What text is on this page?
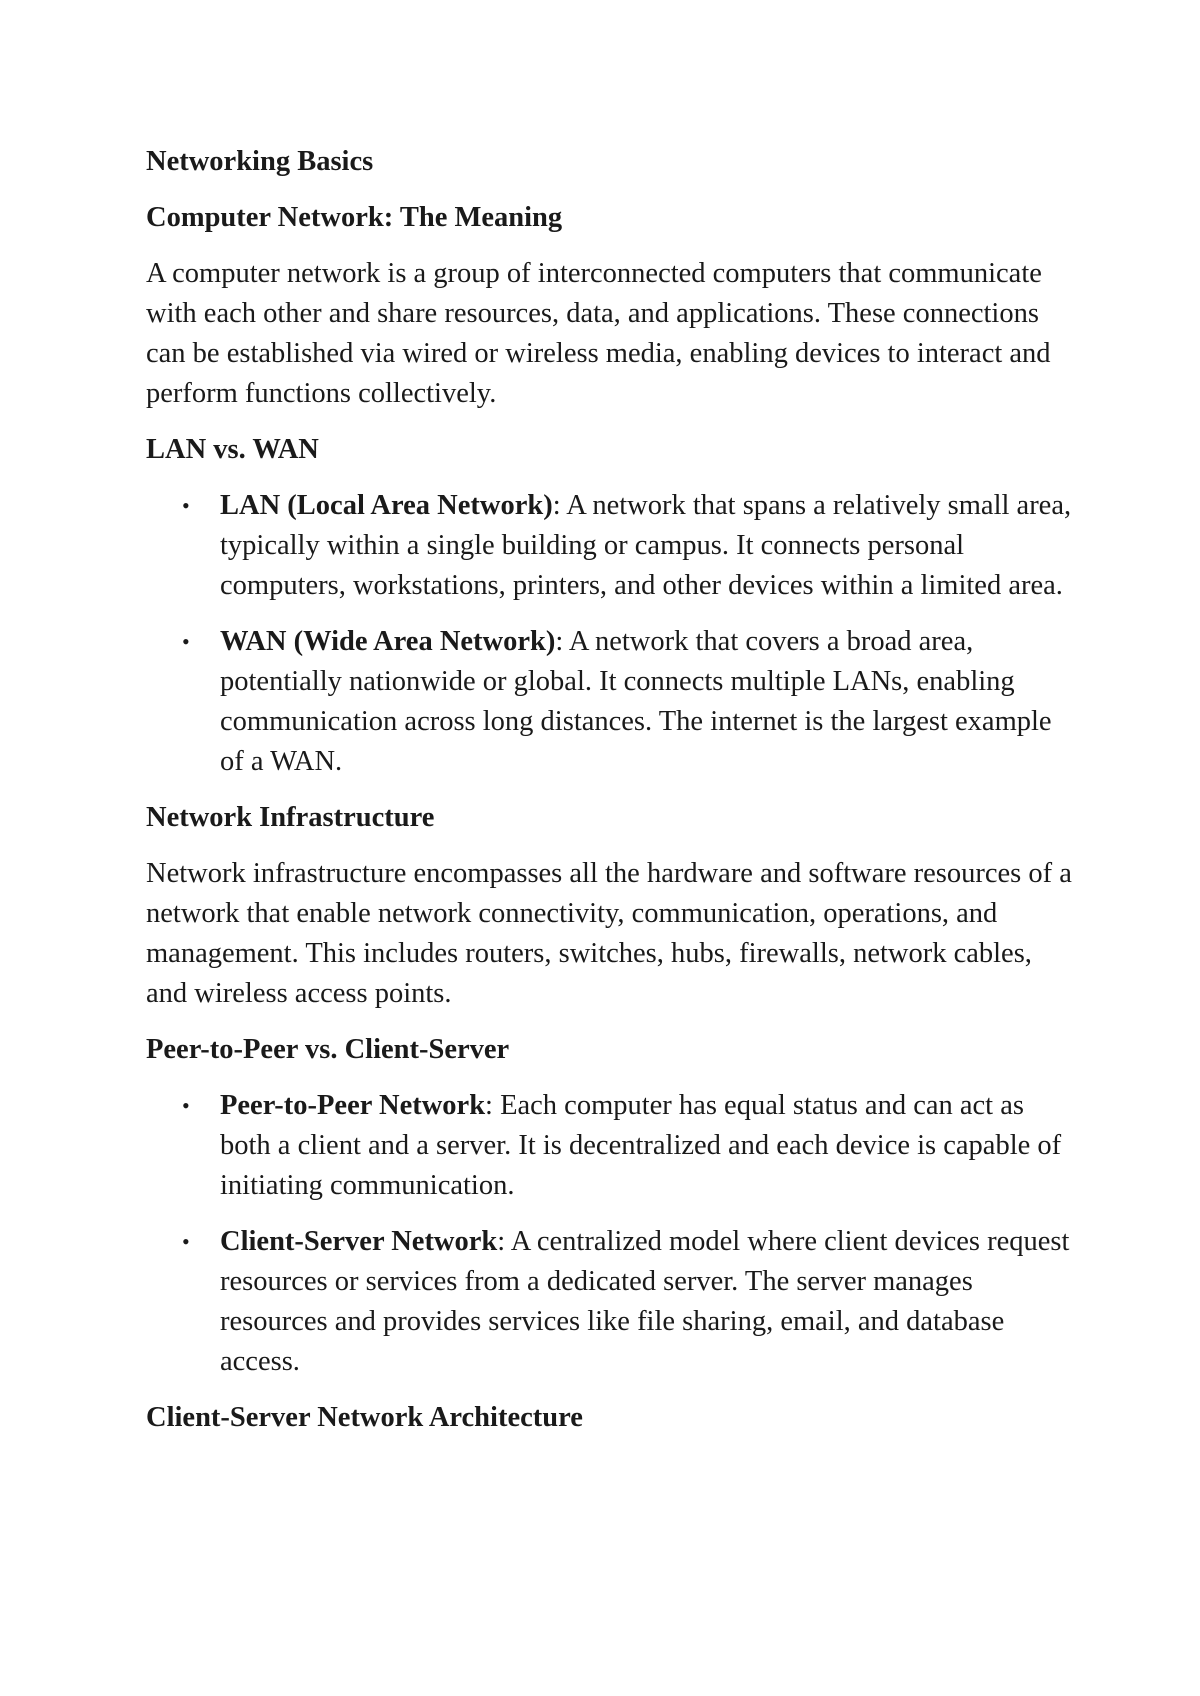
Networking Basics
Computer Network: The Meaning

A computer network is a group of interconnected computers that communicate with each other and share resources, data, and applications. These connections can be established via wired or wireless media, enabling devices to interact and perform functions collectively.

LAN vs. WAN
• LAN (Local Area Network): A network that spans a relatively small area, typically within a single building or campus. It connects personal computers, workstations, printers, and other devices within a limited area.
• WAN (Wide Area Network): A network that covers a broad area, potentially nationwide or global. It connects multiple LANs, enabling communication across long distances. The internet is the largest example of a WAN.
Network Infrastructure

Network infrastructure encompasses all the hardware and software resources of a network that enable network connectivity, communication, operations, and management. This includes routers, switches, hubs, firewalls, network cables, and wireless access points.

Peer-to-Peer vs. Client-Server
• Peer-to-Peer Network: Each computer has equal status and can act as both a client and a server. It is decentralized and each device is capable of initiating communication.
• Client-Server Network: A centralized model where client devices request resources or services from a dedicated server. The server manages resources and provides services like file sharing, email, and database access.
Client-Server Network Architecture
